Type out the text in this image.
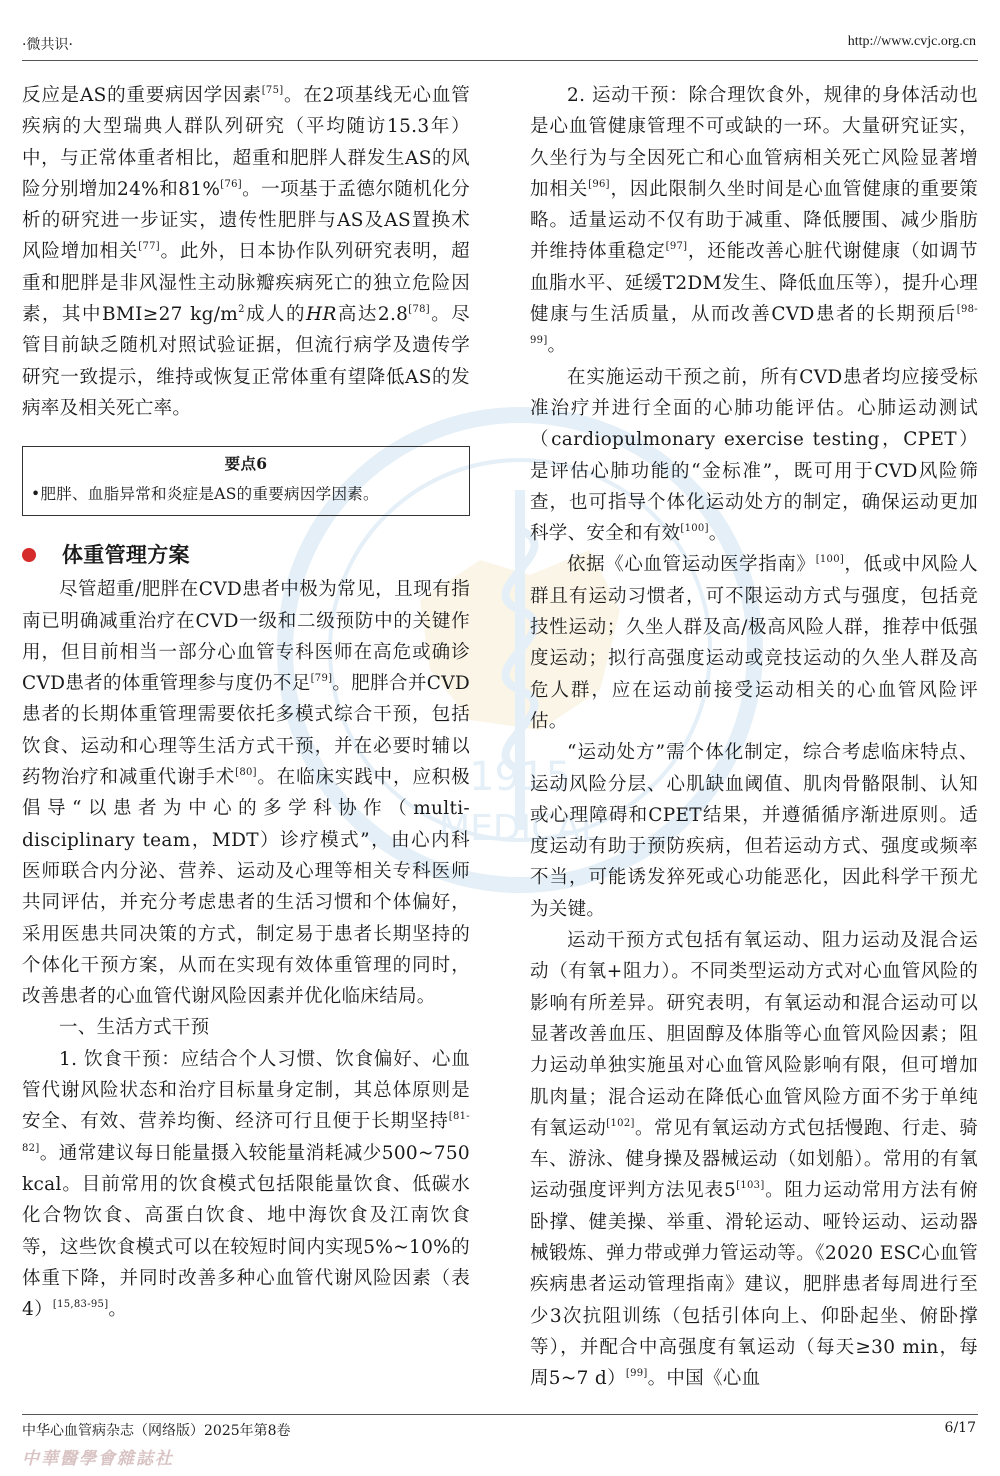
1915
MEDICAL
·微共识·	http://www.cvjc.org.cn

反应是AS的重要病因学因素[75]。在2项基线无心血管疾病的大型瑞典人群队列研究（平均随访15.3年）中，与正常体重者相比，超重和肥胖人群发生AS的风险分别增加24%和81%[76]。一项基于孟德尔随机化分析的研究进一步证实，遗传性肥胖与AS及AS置换术风险增加相关[77]。此外，日本协作队列研究表明，超重和肥胖是非风湿性主动脉瓣疾病死亡的独立危险因素，其中BMI≥27 $kg/m^2$成人的HR高达2.8[78]。尽管目前缺乏随机对照试验证据，但流行病学及遗传学研究一致提示，维持或恢复正常体重有望降低AS的发病率及相关死亡率。

要点6
•肥胖、血脂异常和炎症是AS的重要病因学因素。
体重管理方案

尽管超重/肥胖在CVD患者中极为常见，且现有指南已明确减重治疗在CVD一级和二级预防中的关键作用，但目前相当一部分心血管专科医师在高危或确诊CVD患者的体重管理参与度仍不足[79]。肥胖合并CVD患者的长期体重管理需要依托多模式综合干预，包括饮食、运动和心理等生活方式干预，并在必要时辅以药物治疗和减重代谢手术[80]。在临床实践中，应积极倡导“以患者为中心的多学科协作（multi-disciplinary team，MDT）诊疗模式”，由心内科医师联合内分泌、营养、运动及心理等相关专科医师共同评估，并充分考虑患者的生活习惯和个体偏好，采用医患共同决策的方式，制定易于患者长期坚持的个体化干预方案，从而在实现有效体重管理的同时，改善患者的心血管代谢风险因素并优化临床结局。

一、生活方式干预

1. 饮食干预：应结合个人习惯、饮食偏好、心血管代谢风险状态和治疗目标量身定制，其总体原则是安全、有效、营养均衡、经济可行且便于长期坚持[81-82]。通常建议每日能量摄入较能量消耗减少500~750 kcal。目前常用的饮食模式包括限能量饮食、低碳水化合物饮食、高蛋白饮食、地中海饮食及江南饮食等，这些饮食模式可以在较短时间内实现5%~10%的体重下降，并同时改善多种心血管代谢风险因素（表4）[15,83-95]。

2. 运动干预：除合理饮食外，规律的身体活动也是心血管健康管理不可或缺的一环。大量研究证实，久坐行为与全因死亡和心血管病相关死亡风险显著增加相关[96]，因此限制久坐时间是心血管健康的重要策略。适量运动不仅有助于减重、降低腰围、减少脂肪并维持体重稳定[97]，还能改善心脏代谢健康（如调节血脂水平、延缓T2DM发生、降低血压等），提升心理健康与生活质量，从而改善CVD患者的长期预后[98-99]。

在实施运动干预之前，所有CVD患者均应接受标准治疗并进行全面的心肺功能评估。心肺运动测试（cardiopulmonary exercise testing，CPET）是评估心肺功能的“金标准”，既可用于CVD风险筛查，也可指导个体化运动处方的制定，确保运动更加科学、安全和有效[100]。

依据《心血管运动医学指南》[100]，低或中风险人群且有运动习惯者，可不限运动方式与强度，包括竞技性运动；久坐人群及高/极高风险人群，推荐中低强度运动；拟行高强度运动或竞技运动的久坐人群及高危人群，应在运动前接受运动相关的心血管风险评估。

“运动处方”需个体化制定，综合考虑临床特点、运动风险分层、心肌缺血阈值、肌肉骨骼限制、认知或心理障碍和CPET结果，并遵循循序渐进原则。适度运动有助于预防疾病，但若运动方式、强度或频率不当，可能诱发猝死或心功能恶化，因此科学干预尤为关键。

运动干预方式包括有氧运动、阻力运动及混合运动（有氧+阻力）。不同类型运动方式对心血管风险的影响有所差异。研究表明，有氧运动和混合运动可以显著改善血压、胆固醇及体脂等心血管风险因素；阻力运动单独实施虽对心血管风险影响有限，但可增加肌肉量；混合运动在降低心血管风险方面不劣于单纯有氧运动[102]。常见有氧运动方式包括慢跑、行走、骑车、游泳、健身操及器械运动（如划船）。常用的有氧运动强度评判方法见表5[103]。阻力运动常用方法有俯卧撑、健美操、举重、滑轮运动、哑铃运动、运动器械锻炼、弹力带或弹力管运动等。《2020 ESC心血管疾病患者运动管理指南》建议，肥胖患者每周进行至少3次抗阻训练（包括引体向上、仰卧起坐、俯卧撑等），并配合中高强度有氧运动（每天≥30 min，每周5~7 d）[99]。中国《心血

中华心血管病杂志（网络版）2025年第8卷	6/17
中華醫學會雜誌社
